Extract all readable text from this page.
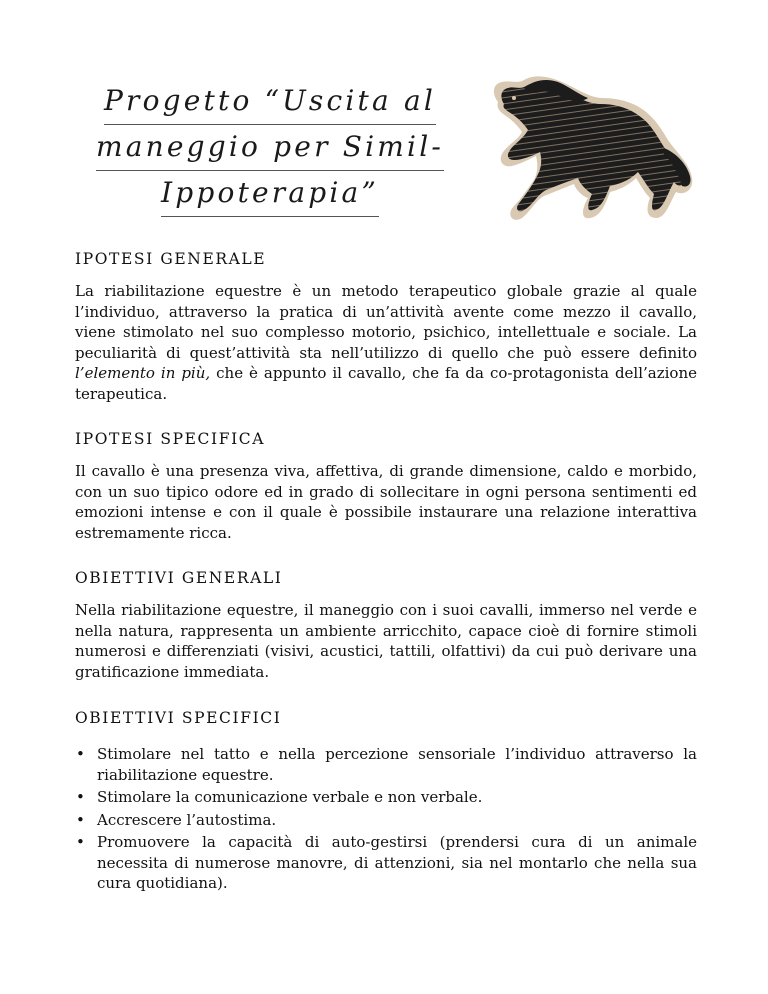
Progetto “Uscita al
maneggio per Simil-
Ippoterapia”
IPOTESI GENERALE

La riabilitazione equestre è un metodo terapeutico globale grazie al quale l’individuo, attraverso la pratica di un’attività avente come mezzo il cavallo, viene stimolato nel suo complesso motorio, psichico, intellettuale e sociale. La peculiarità di quest’attività sta nell’utilizzo di quello che può essere definito l’elemento in più, che è appunto il cavallo, che fa da co-protagonista dell’azione terapeutica.

IPOTESI SPECIFICA

Il cavallo è una presenza viva, affettiva, di grande dimensione, caldo e morbido, con un suo tipico odore ed in grado di sollecitare in ogni persona sentimenti ed emozioni intense e con il quale è possibile instaurare una relazione interattiva estremamente ricca.

OBIETTIVI GENERALI

Nella riabilitazione equestre, il maneggio con i suoi cavalli, immerso nel verde e nella natura, rappresenta un ambiente arricchito, capace cioè di fornire stimoli numerosi e differenziati (visivi, acustici, tattili, olfattivi) da cui può derivare una gratificazione immediata.

OBIETTIVI SPECIFICI
• Stimolare nel tatto e nella percezione sensoriale l’individuo attraverso la riabilitazione equestre.
• Stimolare la comunicazione verbale e non verbale.
• Accrescere l’autostima.
• Promuovere la capacità di auto-gestirsi (prendersi cura di un animale necessita di numerose manovre, di attenzioni, sia nel montarlo che nella sua cura quotidiana).
